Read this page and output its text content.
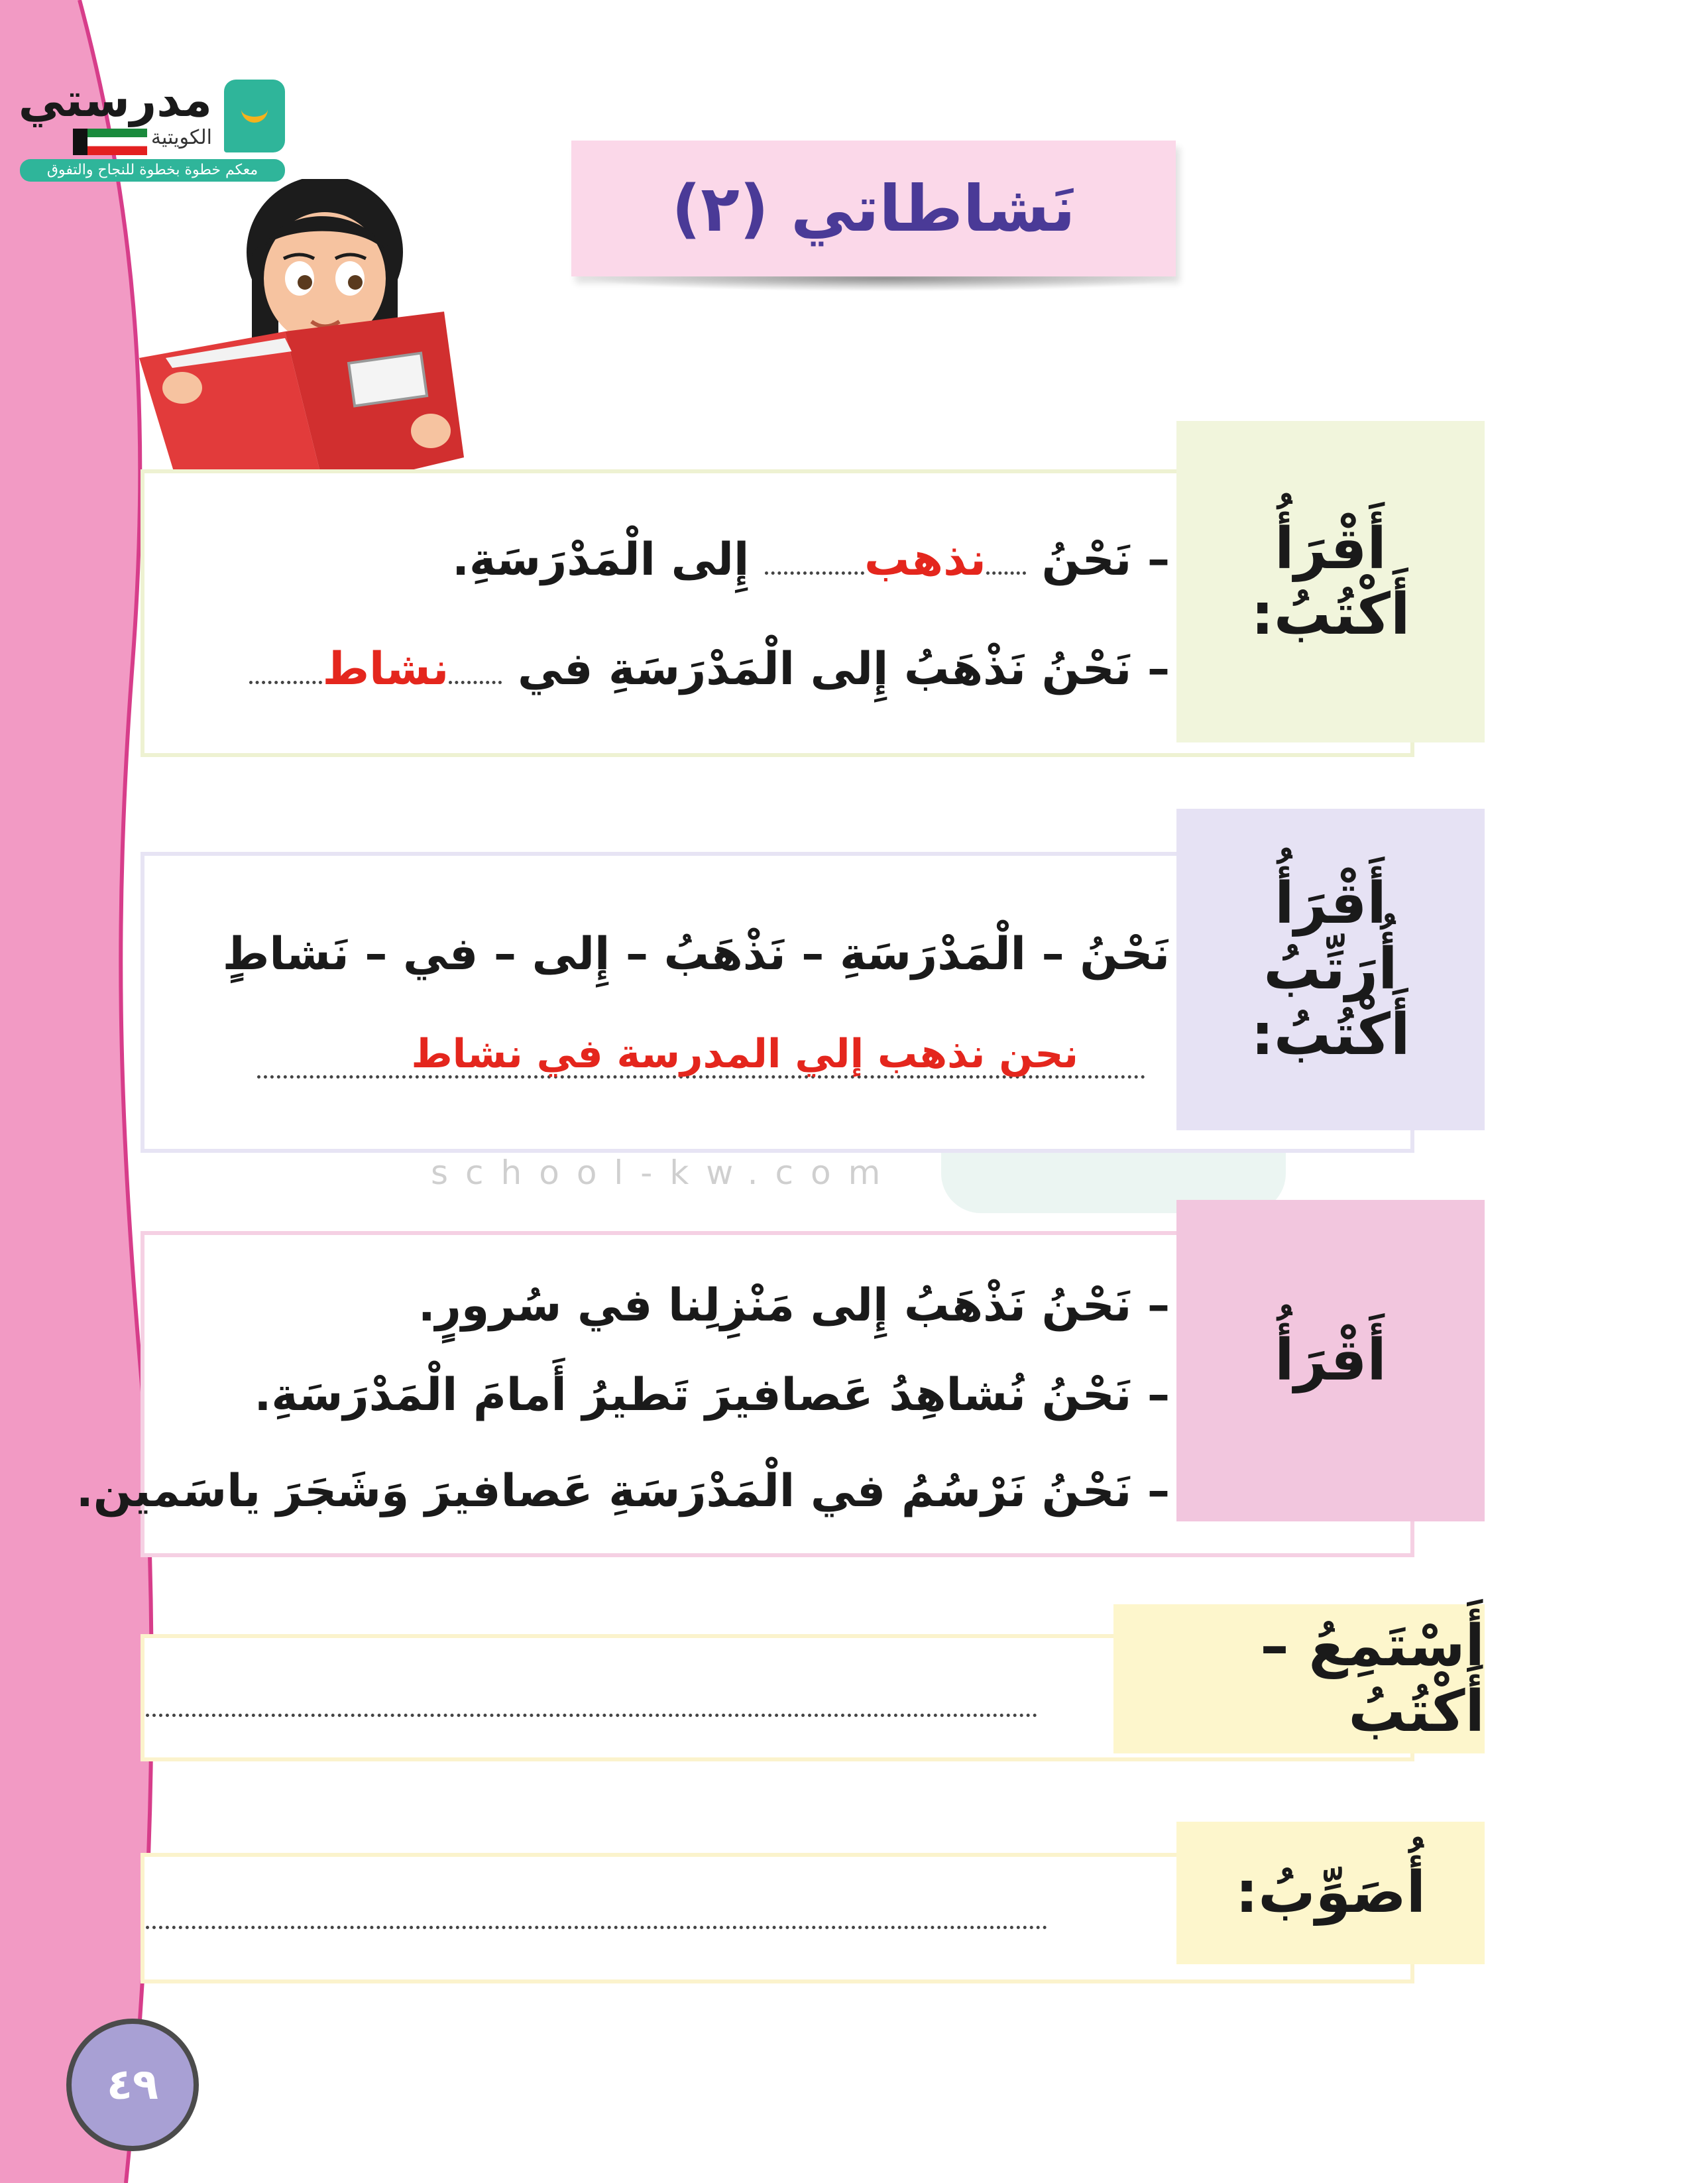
مدرستي
الكويتية
معكم خطوة بخطوة للنجاح والتفوق
نَشاطاتي (٢)
school-kw.com
أَقْرَأُ
أَكْتُبُ:
– نَحْنُ نذهب إِلى الْمَدْرَسَةِ.
– نَحْنُ نَذْهَبُ إِلى الْمَدْرَسَةِ في نشاط
أَقْرَأُ
أُرَتِّبُ
أَكْتُبُ:
نَحْنُ – الْمَدْرَسَةِ – نَذْهَبُ – إِلى – في – نَشاطٍ
نحن نذهب إلي المدرسة في نشاط
أَقْرَأُ
– نَحْنُ نَذْهَبُ إِلى مَنْزِلِنا في سُرورٍ.
– نَحْنُ نُشاهِدُ عَصافيرَ تَطيرُ أَمامَ الْمَدْرَسَةِ.
– نَحْنُ نَرْسُمُ في الْمَدْرَسَةِ عَصافيرَ وَشَجَرَ ياسَمين.
أَسْتَمِعُ – أَكْتُبُ
أُصَوِّبُ:
٤٩
